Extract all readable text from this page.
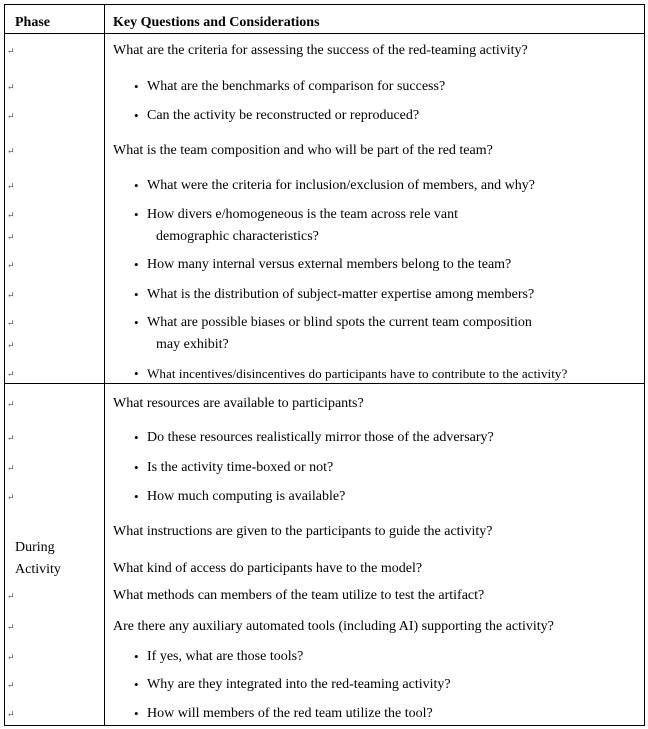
Phase	Key Questions and Considerations
What are the criteria for assessing the success of the red-teaming activity?
• What are the benchmarks of comparison for success?
• Can the activity be reconstructed or reproduced?
What is the team composition and who will be part of the red team?
• What were the criteria for inclusion/exclusion of members, and why?
• How divers e/homogeneous is the team across rele vant
demographic characteristics?
• How many internal versus external members belong to the team?
• What is the distribution of subject-matter expertise among members?
• What are possible biases or blind spots the current team composition
may exhibit?
• What incentives/disincentives do participants have to contribute to the activity?
During
Activity
What resources are available to participants?
• Do these resources realistically mirror those of the adversary?
• Is the activity time-boxed or not?
• How much computing is available?
What instructions are given to the participants to guide the activity?
What kind of access do participants have to the model?
What methods can members of the team utilize to test the artifact?
Are there any auxiliary automated tools (including AI) supporting the activity?
• If yes, what are those tools?
• Why are they integrated into the red-teaming activity?
• How will members of the red team utilize the tool?
↵
↵
↵
↵
↵
↵
↵
↵
↵
↵
↵
↵
↵
↵
↵
↵
↵
↵
↵
↵
↵
